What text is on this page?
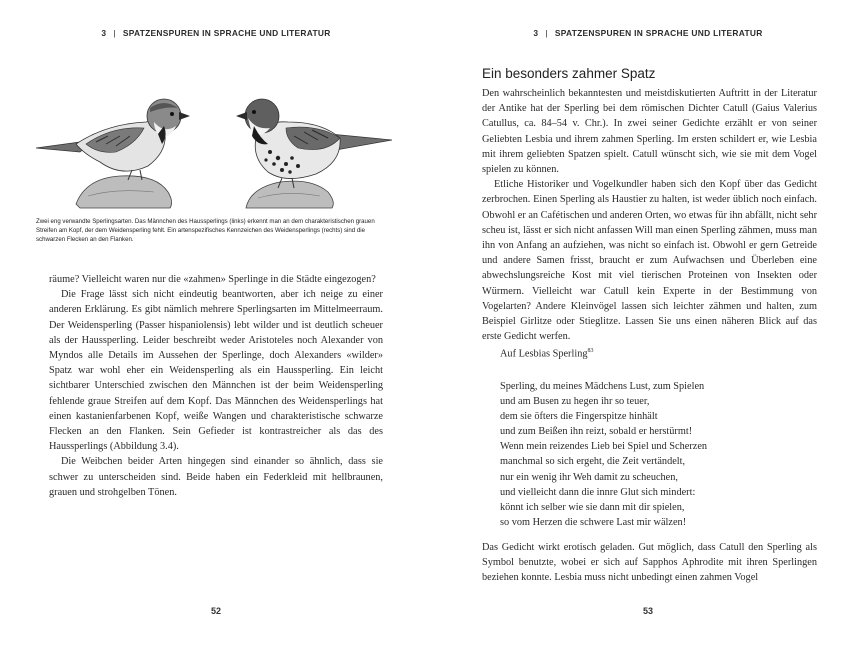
3 | SPATZENSPUREN IN SPRACHE UND LITERATUR
Zwei eng verwandte Sperlingsarten. Das Männchen des Haussperlings (links) erkennt man an dem charakteristischen grauen Streifen am Kopf, der dem Weidensperling fehlt. Ein artenspezifisches Kennzeichen des Weidensperlings (rechts) sind die schwarzen Flecken an den Flanken.

räume? Vielleicht waren nur die «zahmen» Sperlinge in die Städte eingezogen?

Die Frage lässt sich nicht eindeutig beantworten, aber ich neige zu einer anderen Erklärung. Es gibt nämlich mehrere Sperlingsarten im Mittelmeerraum. Der Weidensperling (Passer hispaniolensis) lebt wilder und ist deutlich scheuer als der Haussperling. Leider beschreibt weder Aristoteles noch Alexander von Myndos alle Details im Aussehen der Sperlinge, doch Alexanders «wilder» Spatz war wohl eher ein Weidensperling als ein Haussperling. Ein leicht sichtbarer Unterschied zwischen den Männchen ist der beim Weidensperling fehlende graue Streifen auf dem Kopf. Das Männchen des Weidensperlings hat einen kastanienfarbenen Kopf, weiße Wangen und charakteristische schwarze Flecken an den Flanken. Sein Gefieder ist kontrastreicher als das des Haussperlings (Abbildung 3.4).

Die Weibchen beider Arten hingegen sind einander so ähnlich, dass sie schwer zu unterscheiden sind. Beide haben ein Federkleid mit hellbraunen, grauen und strohgelben Tönen.

52
3 | SPATZENSPUREN IN SPRACHE UND LITERATUR
Ein besonders zahmer Spatz

Den wahrscheinlich bekanntesten und meistdiskutierten Auftritt in der Literatur der Antike hat der Sperling bei dem römischen Dichter Catull (Gaius Valerius Catullus, ca. 84–54 v. Chr.). In zwei seiner Gedichte erzählt er von seiner Geliebten Lesbia und ihrem zahmen Sperling. Im ersten schildert er, wie Lesbia mit ihrem geliebten Spatzen spielt. Catull wünscht sich, wie sie mit dem Vogel spielen zu können.

Etliche Historiker und Vogelkundler haben sich den Kopf über das Gedicht zerbrochen. Einen Sperling als Haustier zu halten, ist weder üblich noch einfach. Obwohl er an Cafétischen und anderen Orten, wo etwas für ihn abfällt, nicht sehr scheu ist, lässt er sich nicht anfassen Will man einen Sperling zähmen, muss man ihn von Anfang an aufziehen, was nicht so einfach ist. Obwohl er gern Getreide und andere Samen frisst, braucht er zum Aufwachsen und Überleben eine abwechslungsreiche Kost mit viel tierischen Proteinen von Insekten oder Würmern. Vielleicht war Catull kein Experte in der Bestimmung von Vogelarten? Andere Kleinvögel lassen sich leichter zähmen und halten, zum Beispiel Girlitze oder Stieglitze. Lassen Sie uns einen näheren Blick auf das erste Gedicht werfen.

Auf Lesbias Sperling$^{83}$
Sperling, du meines Mädchens Lust, zum Spielen
und am Busen zu hegen ihr so teuer,
dem sie öfters die Fingerspitze hinhält
und zum Beißen ihn reizt, sobald er herstürmt!
Wenn mein reizendes Lieb bei Spiel und Scherzen
manchmal so sich ergeht, die Zeit vertändelt,
nur ein wenig ihr Weh damit zu scheuchen,
und vielleicht dann die innre Glut sich mindert:
könnt ich selber wie sie dann mit dir spielen,
so vom Herzen die schwere Last mir wälzen!

Das Gedicht wirkt erotisch geladen. Gut möglich, dass Catull den Sperling als Symbol benutzte, wobei er sich auf Sapphos Aphrodite mit ihren Sperlingen beziehen konnte. Lesbia muss nicht unbedingt einen zahmen Vogel

53
